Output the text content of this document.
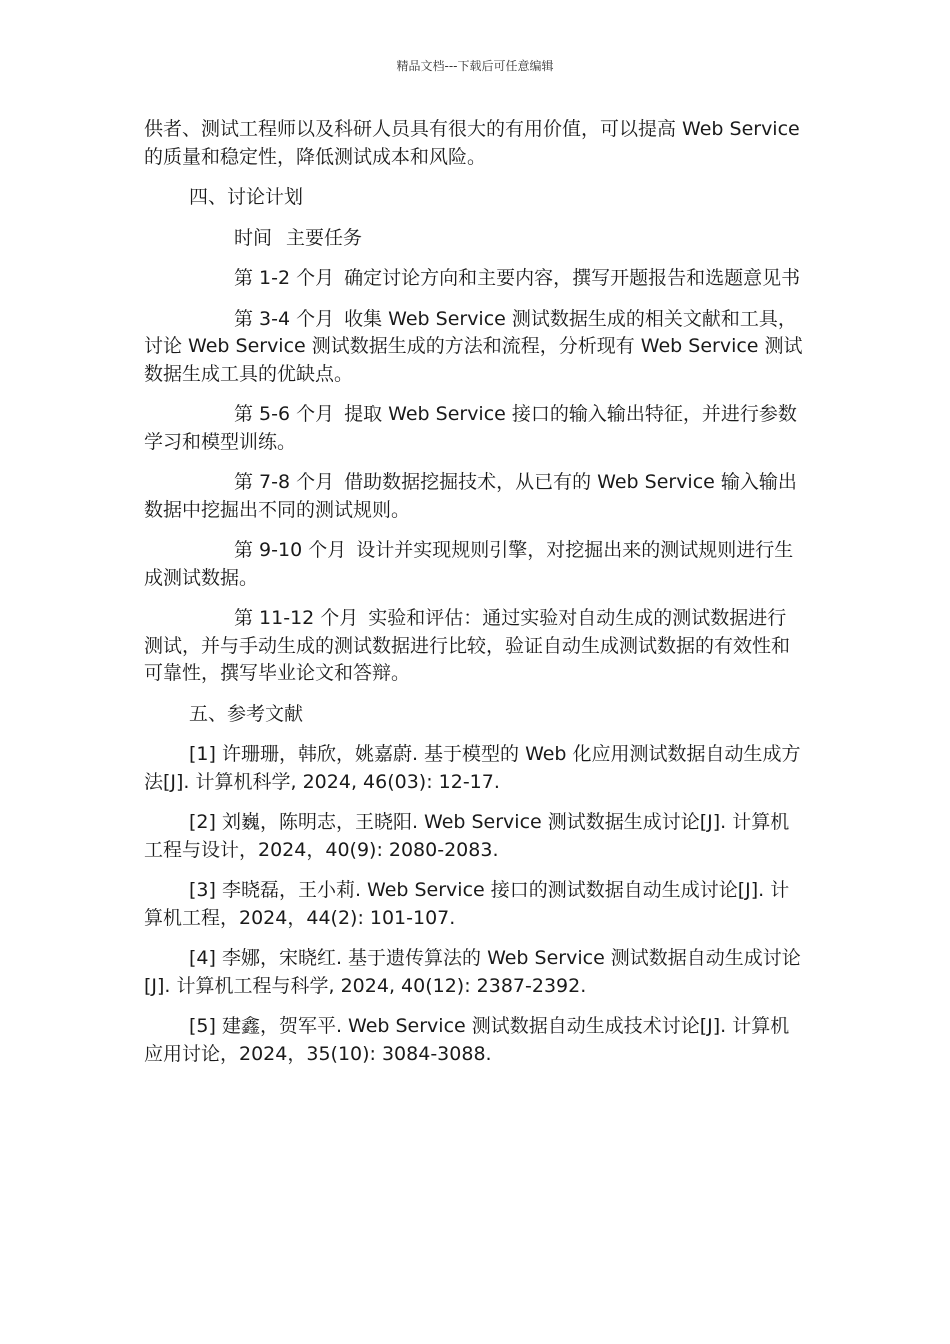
精品文档---下载后可任意编辑

供者、测试工程师以及科研人员具有很大的有用价值，可以提高 Web Service 的质量和稳定性，降低测试成本和风险。

四、讨论计划

时间 主要任务

第 1-2 个月 确定讨论方向和主要内容，撰写开题报告和选题意见书

第 3-4 个月 收集 Web Service 测试数据生成的相关文献和工具，讨论 Web Service 测试数据生成的方法和流程，分析现有 Web Service 测试数据生成工具的优缺点。

第 5-6 个月 提取 Web Service 接口的输入输出特征，并进行参数学习和模型训练。

第 7-8 个月 借助数据挖掘技术，从已有的 Web Service 输入输出数据中挖掘出不同的测试规则。

第 9-10 个月 设计并实现规则引擎，对挖掘出来的测试规则进行生成测试数据。

第 11-12 个月 实验和评估：通过实验对自动生成的测试数据进行测试，并与手动生成的测试数据进行比较，验证自动生成测试数据的有效性和可靠性，撰写毕业论文和答辩。

五、参考文献

[1] 许珊珊，韩欣，姚嘉蔚. 基于模型的 Web 化应用测试数据自动生成方法[J]. 计算机科学, 2024, 46(03): 12-17.

[2] 刘巍，陈明志，王晓阳. Web Service 测试数据生成讨论[J]. 计算机工程与设计，2024，40(9): 2080-2083.

[3] 李晓磊，王小莉. Web Service 接口的测试数据自动生成讨论[J]. 计算机工程，2024，44(2): 101-107.

[4] 李娜，宋晓红. 基于遗传算法的 Web Service 测试数据自动生成讨论[J]. 计算机工程与科学, 2024, 40(12): 2387-2392.

[5] 建鑫，贺军平. Web Service 测试数据自动生成技术讨论[J]. 计算机应用讨论，2024，35(10): 3084-3088.
